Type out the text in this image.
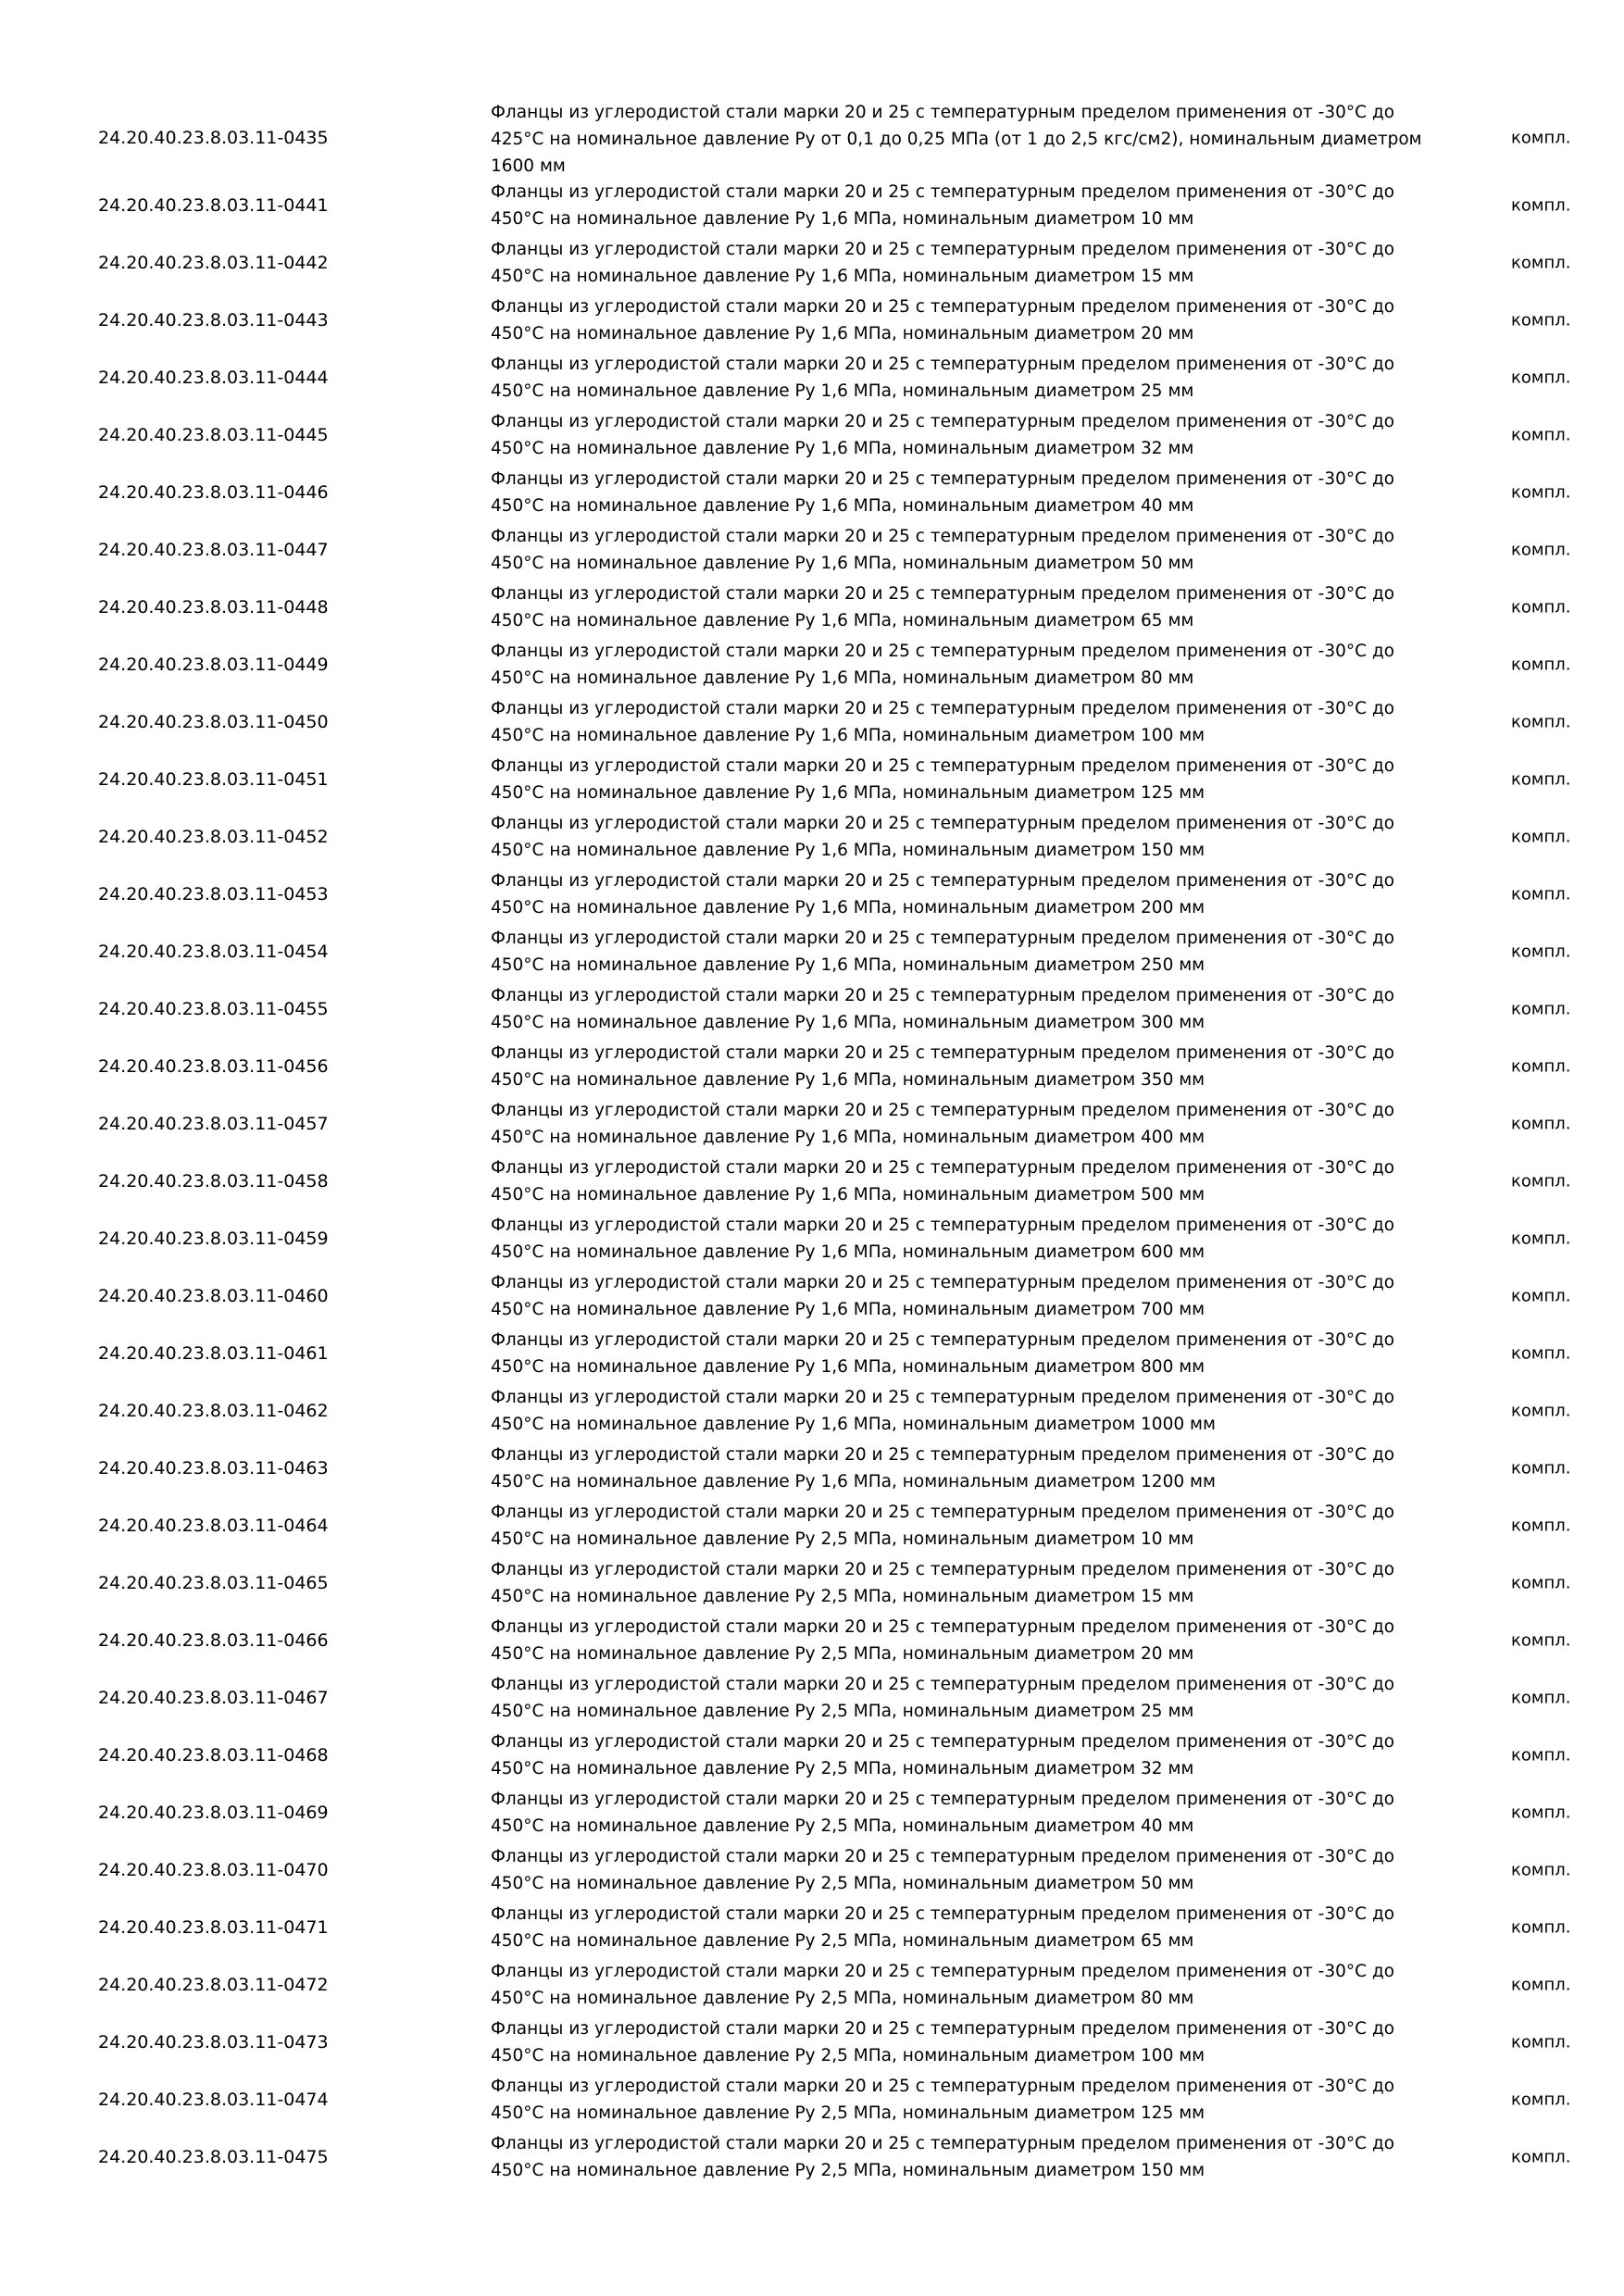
24.20.40.23.8.03.11-0435
Фланцы из углеродистой стали марки 20 и 25 с температурным пределом применения от -30°С до 425°С на номинальное давление Ру от 0,1 до 0,25 МПа (от 1 до 2,5 кгс/см2), номинальным диаметром 1600 мм
компл.
24.20.40.23.8.03.11-0441
Фланцы из углеродистой стали марки 20 и 25 с температурным пределом применения от -30°С до 450°С на номинальное давление Ру 1,6 МПа, номинальным диаметром 10 мм
компл.
24.20.40.23.8.03.11-0442
Фланцы из углеродистой стали марки 20 и 25 с температурным пределом применения от -30°С до 450°С на номинальное давление Ру 1,6 МПа, номинальным диаметром 15 мм
компл.
24.20.40.23.8.03.11-0443
Фланцы из углеродистой стали марки 20 и 25 с температурным пределом применения от -30°С до 450°С на номинальное давление Ру 1,6 МПа, номинальным диаметром 20 мм
компл.
24.20.40.23.8.03.11-0444
Фланцы из углеродистой стали марки 20 и 25 с температурным пределом применения от -30°С до 450°С на номинальное давление Ру 1,6 МПа, номинальным диаметром 25 мм
компл.
24.20.40.23.8.03.11-0445
Фланцы из углеродистой стали марки 20 и 25 с температурным пределом применения от -30°С до 450°С на номинальное давление Ру 1,6 МПа, номинальным диаметром 32 мм
компл.
24.20.40.23.8.03.11-0446
Фланцы из углеродистой стали марки 20 и 25 с температурным пределом применения от -30°С до 450°С на номинальное давление Ру 1,6 МПа, номинальным диаметром 40 мм
компл.
24.20.40.23.8.03.11-0447
Фланцы из углеродистой стали марки 20 и 25 с температурным пределом применения от -30°С до 450°С на номинальное давление Ру 1,6 МПа, номинальным диаметром 50 мм
компл.
24.20.40.23.8.03.11-0448
Фланцы из углеродистой стали марки 20 и 25 с температурным пределом применения от -30°С до 450°С на номинальное давление Ру 1,6 МПа, номинальным диаметром 65 мм
компл.
24.20.40.23.8.03.11-0449
Фланцы из углеродистой стали марки 20 и 25 с температурным пределом применения от -30°С до 450°С на номинальное давление Ру 1,6 МПа, номинальным диаметром 80 мм
компл.
24.20.40.23.8.03.11-0450
Фланцы из углеродистой стали марки 20 и 25 с температурным пределом применения от -30°С до 450°С на номинальное давление Ру 1,6 МПа, номинальным диаметром 100 мм
компл.
24.20.40.23.8.03.11-0451
Фланцы из углеродистой стали марки 20 и 25 с температурным пределом применения от -30°С до 450°С на номинальное давление Ру 1,6 МПа, номинальным диаметром 125 мм
компл.
24.20.40.23.8.03.11-0452
Фланцы из углеродистой стали марки 20 и 25 с температурным пределом применения от -30°С до 450°С на номинальное давление Ру 1,6 МПа, номинальным диаметром 150 мм
компл.
24.20.40.23.8.03.11-0453
Фланцы из углеродистой стали марки 20 и 25 с температурным пределом применения от -30°С до 450°С на номинальное давление Ру 1,6 МПа, номинальным диаметром 200 мм
компл.
24.20.40.23.8.03.11-0454
Фланцы из углеродистой стали марки 20 и 25 с температурным пределом применения от -30°С до 450°С на номинальное давление Ру 1,6 МПа, номинальным диаметром 250 мм
компл.
24.20.40.23.8.03.11-0455
Фланцы из углеродистой стали марки 20 и 25 с температурным пределом применения от -30°С до 450°С на номинальное давление Ру 1,6 МПа, номинальным диаметром 300 мм
компл.
24.20.40.23.8.03.11-0456
Фланцы из углеродистой стали марки 20 и 25 с температурным пределом применения от -30°С до 450°С на номинальное давление Ру 1,6 МПа, номинальным диаметром 350 мм
компл.
24.20.40.23.8.03.11-0457
Фланцы из углеродистой стали марки 20 и 25 с температурным пределом применения от -30°С до 450°С на номинальное давление Ру 1,6 МПа, номинальным диаметром 400 мм
компл.
24.20.40.23.8.03.11-0458
Фланцы из углеродистой стали марки 20 и 25 с температурным пределом применения от -30°С до 450°С на номинальное давление Ру 1,6 МПа, номинальным диаметром 500 мм
компл.
24.20.40.23.8.03.11-0459
Фланцы из углеродистой стали марки 20 и 25 с температурным пределом применения от -30°С до 450°С на номинальное давление Ру 1,6 МПа, номинальным диаметром 600 мм
компл.
24.20.40.23.8.03.11-0460
Фланцы из углеродистой стали марки 20 и 25 с температурным пределом применения от -30°С до 450°С на номинальное давление Ру 1,6 МПа, номинальным диаметром 700 мм
компл.
24.20.40.23.8.03.11-0461
Фланцы из углеродистой стали марки 20 и 25 с температурным пределом применения от -30°С до 450°С на номинальное давление Ру 1,6 МПа, номинальным диаметром 800 мм
компл.
24.20.40.23.8.03.11-0462
Фланцы из углеродистой стали марки 20 и 25 с температурным пределом применения от -30°С до 450°С на номинальное давление Ру 1,6 МПа, номинальным диаметром 1000 мм
компл.
24.20.40.23.8.03.11-0463
Фланцы из углеродистой стали марки 20 и 25 с температурным пределом применения от -30°С до 450°С на номинальное давление Ру 1,6 МПа, номинальным диаметром 1200 мм
компл.
24.20.40.23.8.03.11-0464
Фланцы из углеродистой стали марки 20 и 25 с температурным пределом применения от -30°С до 450°С на номинальное давление Ру 2,5 МПа, номинальным диаметром 10 мм
компл.
24.20.40.23.8.03.11-0465
Фланцы из углеродистой стали марки 20 и 25 с температурным пределом применения от -30°С до 450°С на номинальное давление Ру 2,5 МПа, номинальным диаметром 15 мм
компл.
24.20.40.23.8.03.11-0466
Фланцы из углеродистой стали марки 20 и 25 с температурным пределом применения от -30°С до 450°С на номинальное давление Ру 2,5 МПа, номинальным диаметром 20 мм
компл.
24.20.40.23.8.03.11-0467
Фланцы из углеродистой стали марки 20 и 25 с температурным пределом применения от -30°С до 450°С на номинальное давление Ру 2,5 МПа, номинальным диаметром 25 мм
компл.
24.20.40.23.8.03.11-0468
Фланцы из углеродистой стали марки 20 и 25 с температурным пределом применения от -30°С до 450°С на номинальное давление Ру 2,5 МПа, номинальным диаметром 32 мм
компл.
24.20.40.23.8.03.11-0469
Фланцы из углеродистой стали марки 20 и 25 с температурным пределом применения от -30°С до 450°С на номинальное давление Ру 2,5 МПа, номинальным диаметром 40 мм
компл.
24.20.40.23.8.03.11-0470
Фланцы из углеродистой стали марки 20 и 25 с температурным пределом применения от -30°С до 450°С на номинальное давление Ру 2,5 МПа, номинальным диаметром 50 мм
компл.
24.20.40.23.8.03.11-0471
Фланцы из углеродистой стали марки 20 и 25 с температурным пределом применения от -30°С до 450°С на номинальное давление Ру 2,5 МПа, номинальным диаметром 65 мм
компл.
24.20.40.23.8.03.11-0472
Фланцы из углеродистой стали марки 20 и 25 с температурным пределом применения от -30°С до 450°С на номинальное давление Ру 2,5 МПа, номинальным диаметром 80 мм
компл.
24.20.40.23.8.03.11-0473
Фланцы из углеродистой стали марки 20 и 25 с температурным пределом применения от -30°С до 450°С на номинальное давление Ру 2,5 МПа, номинальным диаметром 100 мм
компл.
24.20.40.23.8.03.11-0474
Фланцы из углеродистой стали марки 20 и 25 с температурным пределом применения от -30°С до 450°С на номинальное давление Ру 2,5 МПа, номинальным диаметром 125 мм
компл.
24.20.40.23.8.03.11-0475
Фланцы из углеродистой стали марки 20 и 25 с температурным пределом применения от -30°С до 450°С на номинальное давление Ру 2,5 МПа, номинальным диаметром 150 мм
компл.
